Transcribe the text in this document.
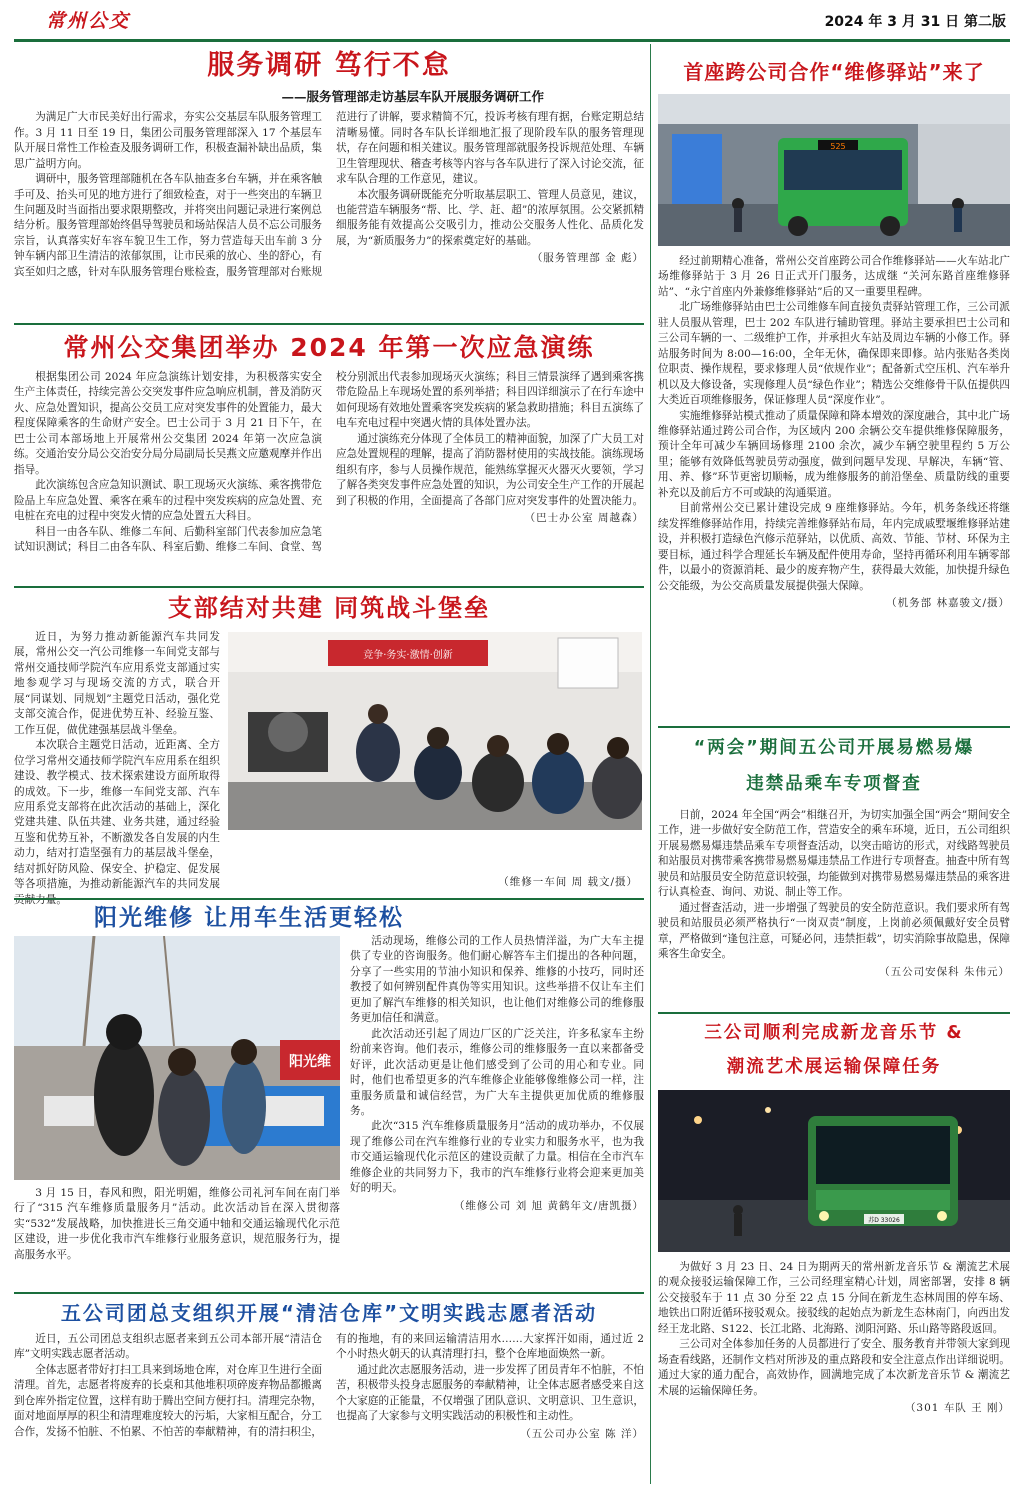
常州公交	2024 年 3 月 31 日 第二版
服务调研 笃行不怠
——服务管理部走访基层车队开展服务调研工作

为满足广大市民美好出行需求，夯实公交基层车队服务管理工作。3 月 11 日至 19 日，集团公司服务管理部深入 17 个基层车队开展日常性工作检查及服务调研工作，积极查漏补缺出品质，集思广益明方向。

调研中，服务管理部随机在各车队抽查多台车辆，并在乘客触手可及、抬头可见的地方进行了细致检查，对于一些突出的车辆卫生问题及时当面指出要求限期整改，并将突出问题记录进行案例总结分析。服务管理部始终倡导驾驶员和场站保洁人员不忘公司服务宗旨，认真落实好车容车貌卫生工作，努力营造每天出车前 3 分钟车辆内部卫生清洁的浓郁氛围，让市民乘的放心、坐的舒心，有宾至如归之感，针对车队服务管理台账检查，服务管理部对台账规范进行了讲解，要求精简不冗，投诉考核有理有据，台账定期总结清晰易懂。同时各车队长详细地汇报了现阶段车队的服务管理现状，存在问题和相关建议。服务管理部就服务投诉规范处理、车辆卫生管理现状、稽查考核等内容与各车队进行了深入讨论交流，征求车队合理的工作意见，建议。

本次服务调研既能充分听取基层职工、管理人员意见，建议，也能营造车辆服务“帮、比、学、赶、超”的浓厚氛围。公交紧抓精细服务能有效提高公交吸引力，推动公交服务人性化、品质化发展，为“新质服务力”的探索奠定好的基础。

（服务管理部 金 彪）
常州公交集团举办 2024 年第一次应急演练

根据集团公司 2024 年应急演练计划安排，为积极落实安全生产主体责任，持续完善公交突发事件应急响应机制，普及消防灭火、应急处置知识，提高公交员工应对突发事件的处置能力，最大程度保障乘客的生命财产安全。巴士公司于 3 月 21 日下午，在巴士公司本部场地上开展常州公交集团 2024 年第一次应急演练。交通治安分局公交治安分局分局副局长吴燕文应邀观摩并作出指导。

此次演练包含应急知识测试、职工现场灭火演练、乘客携带危险品上车应急处置、乘客在乘车的过程中突发疾病的应急处置、充电桩在充电的过程中突发火情的应急处置五大科目。

科目一由各车队、维修二车间、后勤科室部门代表参加应急笔试知识测试；科目二由各车队、科室后勤、维修二车间、食堂、驾校分别派出代表参加现场灭火演练；科目三情景演绎了遇到乘客携带危险品上车现场处置的系列举措；科目四详细演示了在行车途中如何现场有效地处置乘客突发疾病的紧急救助措施；科目五演练了电车充电过程中突遇火情的具体处置办法。

通过演练充分体现了全体员工的精神面貌，加深了广大员工对应急处置规程的理解，提高了消防器材使用的实战技能。演练现场组织有序，参与人员操作规范，能熟练掌握灭火器灭火要领，学习了解各类突发事件应急处置的知识，为公司安全生产工作的开展起到了积极的作用，全面提高了各部门应对突发事件的处置决能力。

（巴士办公室 周越森）
支部结对共建 同筑战斗堡垒
竞争·务实·激情·创新

近日，为努力推动新能源汽车共同发展，常州公交一汽公司维修一车间党支部与常州交通技师学院汽车应用系党支部通过实地参观学习与现场交流的方式，联合开展“同谋划、同规划”主题党日活动，强化党支部交流合作，促进优势互补、经验互鉴、工作互促，做优建强基层战斗堡垒。

本次联合主题党日活动，近距离、全方位学习常州交通技师学院汽车应用系在组织建设、教学模式、技术探索建设方面所取得的成效。下一步，维修一车间党支部、汽车应用系党支部将在此次活动的基础上，深化党建共建、队伍共建、业务共建，通过经验互鉴和优势互补，不断激发各自发展的内生动力，结对打造坚强有力的基层战斗堡垒，结对抓好防风险、保安全、护稳定、促发展等各项措施，为推动新能源汽车的共同发展贡献力量。

（维修一车间 周 载文/摄）
阳光维修 让用车生活更轻松
阳光维

3 月 15 日，春风和煦，阳光明媚，维修公司礼河车间在南门举行了“315 汽车维修质量服务月”活动。此次活动旨在深入贯彻落实“532”发展战略，加快推进长三角交通中轴和交通运输现代化示范区建设，进一步优化我市汽车维修行业服务意识，规范服务行为，提高服务水平。

活动现场，维修公司的工作人员热情洋溢，为广大车主提供了专业的咨询服务。他们耐心解答车主们提出的各种问题，分享了一些实用的节油小知识和保养、维修的小技巧，同时还教授了如何辨别配件真伪等实用知识。这些举措不仅让车主们更加了解汽车维修的相关知识，也让他们对维修公司的维修服务更加信任和满意。

此次活动还引起了周边厂区的广泛关注，许多私家车主纷纷前来咨询。他们表示，维修公司的维修服务一直以来都备受好评，此次活动更是让他们感受到了公司的用心和专业。同时，他们也希望更多的汽车维修企业能够像维修公司一样，注重服务质量和诚信经营，为广大车主提供更加优质的维修服务。

此次“315 汽车维修质量服务月”活动的成功举办，不仅展现了维修公司在汽车维修行业的专业实力和服务水平，也为我市交通运输现代化示范区的建设贡献了力量。相信在全市汽车维修企业的共同努力下，我市的汽车维修行业将会迎来更加美好的明天。

（维修公司 刘 旭 黄鹤年文/唐凯摄）
五公司团总支组织开展“清洁仓库”文明实践志愿者活动

近日，五公司团总支组织志愿者来到五公司本部开展“清洁仓库”文明实践志愿者活动。

全体志愿者带好打扫工具来到场地仓库，对仓库卫生进行全面清理。首先，志愿者将废弃的长桌和其他堆积项碎废弃物品都搬离到仓库外指定位置，这样有助于腾出空间方便打扫。清理完杂物，面对地面厚厚的积尘和清理难度较大的污垢，大家相互配合，分工合作，发扬不怕脏、不怕累、不怕苦的奉献精神，有的清扫积尘，有的拖地，有的来回运输清洁用水……大家挥汗如雨，通过近 2 个小时热火朝天的认真清理打扫，整个仓库地面焕然一新。

通过此次志愿服务活动，进一步发挥了团员青年不怕脏，不怕苦，积极带头投身志愿服务的奉献精神，让全体志愿者感受来自这个大家庭的正能量，不仅增强了团队意识、文明意识、卫生意识，也提高了大家参与文明实践活动的积极性和主动性。

（五公司办公室 陈 洋）
首座跨公司合作“维修驿站”来了
525

经过前期精心准备，常州公交首座跨公司合作维修驿站——火车站北广场维修驿站于 3 月 26 日正式开门服务，达成继 “关河东路首座维修驿站”、“永宁首座内外兼修维修驿站”后的又一重要里程碑。

北广场维修驿站由巴士公司维修车间直接负责驿站管理工作，三公司派驻人员服从管理，巴士 202 车队进行辅助管理。驿站主要承担巴士公司和三公司车辆的一、二级维护工作，并承担火车站及周边车辆的小修工作。驿站服务时间为 8:00—16:00，全年无休，确保即来即修。站内张贴各类岗位职责、操作规程，要求修理人员“依规作业”；配备新式空压机、汽车举升机以及大修设备，实现修理人员“绿色作业”；精选公交维修骨干队伍提供四大类近百项维修服务，保证修理人员“深度作业”。

实施维修驿站模式推动了质量保障和降本增效的深度融合，其中北广场维修驿站通过跨公司合作，为区域内 200 余辆公交车提供维修保障服务，预计全年可减少车辆回场修理 2100 余次，减少车辆空驶里程约 5 万公里；能够有效降低驾驶员劳动强度，做到问题早发现、早解决，车辆“管、用、养、修”环节更密切顺畅，成为维修服务的前沿堡垒、质量防线的重要补充以及前后方不可或缺的沟通渠道。

目前常州公交已累计建设完成 9 座维修驿站。今年，机务条线还将继续发挥维修驿站作用，持续完善维修驿站布局，年内完成戚墅堰维修驿站建设，并积极打造绿色汽修示范驿站，以优质、高效、节能、节材、环保为主要目标，通过科学合理延长车辆及配件使用寿命，坚持再循环利用车辆零部件，以最小的资源消耗、最少的废弃物产生，获得最大效能，加快提升绿色公交能级，为公交高质量发展提供强大保障。

（机务部 林嘉骏文/摄）
“两会”期间五公司开展易燃易爆
违禁品乘车专项督查

日前，2024 年全国“两会”相继召开，为切实加强全国“两会”期间安全工作，进一步做好安全防范工作，营造安全的乘车环境，近日，五公司组织开展易燃易爆违禁品乘车专项督查活动，以突击暗访的形式，对线路驾驶员和站服员对携带乘客携带易燃易爆违禁品工作进行专项督查。抽查中所有驾驶员和站服员安全防范意识较强，均能做到对携带易燃易爆违禁品的乘客进行认真检查、询问、劝说、制止等工作。

通过督查活动，进一步增强了驾驶员的安全防范意识。我们要求所有驾驶员和站服员必须严格执行“一岗双责”制度，上岗前必须佩戴好安全员臂章，严格做到“逢包注意，可疑必问，违禁拒载”，切实消除事故隐患，保障乘客生命安全。

（五公司安保科 朱伟元）
三公司顺利完成新龙音乐节 &
潮流艺术展运输保障任务
苏D 33026

为做好 3 月 23 日、24 日为期两天的常州新龙音乐节 & 潮流艺术展的观众接驳运输保障工作，三公司经理室精心计划，周密部署，安排 8 辆公交接驳车于 11 点 30 分至 22 点 15 分间在新龙生态林周围的停车场、地铁出口附近循环接驳观众。接驳线的起始点为新龙生态林南门，向西出发经王龙北路、S122、长江北路、北海路、浏阳河路、乐山路等路段返回。

三公司对全体参加任务的人员都进行了安全、服务教育并带领大家到现场查看线路，还制作文档对所涉及的重点路段和安全注意点作出详细说明。通过大家的通力配合，高效协作，圆满地完成了本次新龙音乐节 & 潮流艺术展的运输保障任务。

（301 车队 王 刚）
